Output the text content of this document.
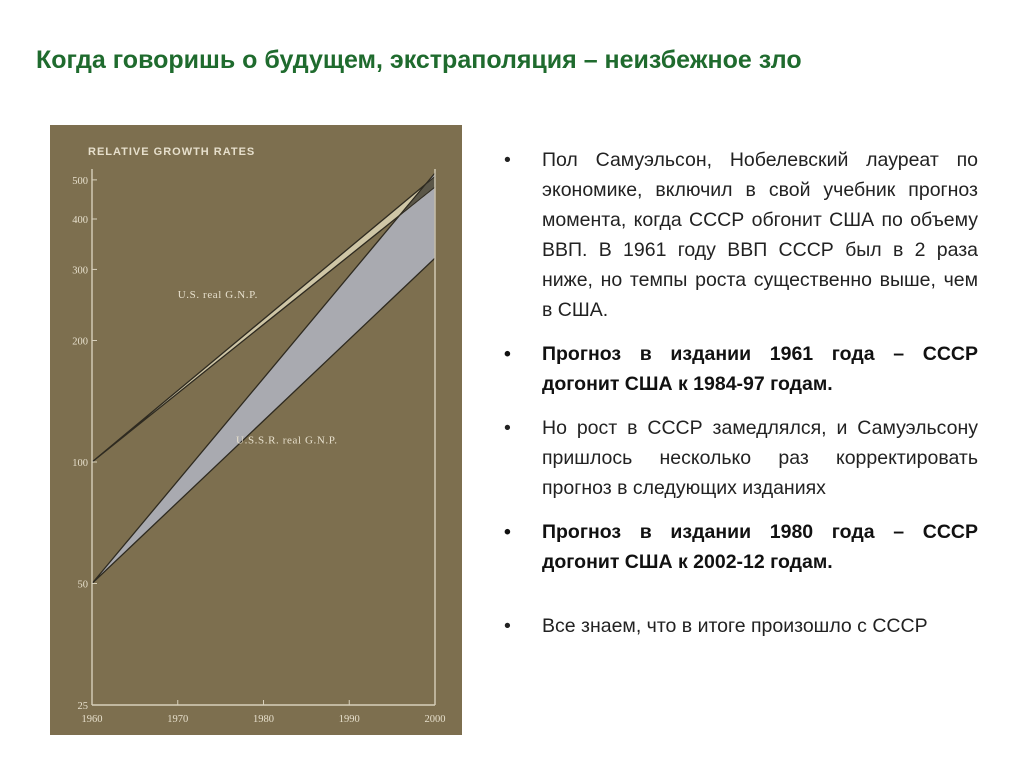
Когда говоришь о будущем, экстраполяция – неизбежное зло
RELATIVE GROWTH RATES
25
50
100
200
300
400
500
1960	1970	1980	1990	2000
U.S. real G.N.P.
U.S.S.R. real G.N.P.
• Пол Самуэльсон, Нобелевский лауреат по экономике, включил в свой учебник прогноз момента, когда СССР обгонит США по объему ВВП. В 1961 году ВВП СССР был в 2 раза ниже, но темпы роста существенно выше, чем в США.
• Прогноз в издании 1961 года – СССР догонит США к 1984-97 годам.
• Но рост в СССР замедлялся, и Самуэльсону пришлось несколько раз корректировать прогноз в следующих изданиях
• Прогноз в издании 1980 года – СССР догонит США к 2002-12 годам.
• Все знаем, что в итоге произошло с СССР
